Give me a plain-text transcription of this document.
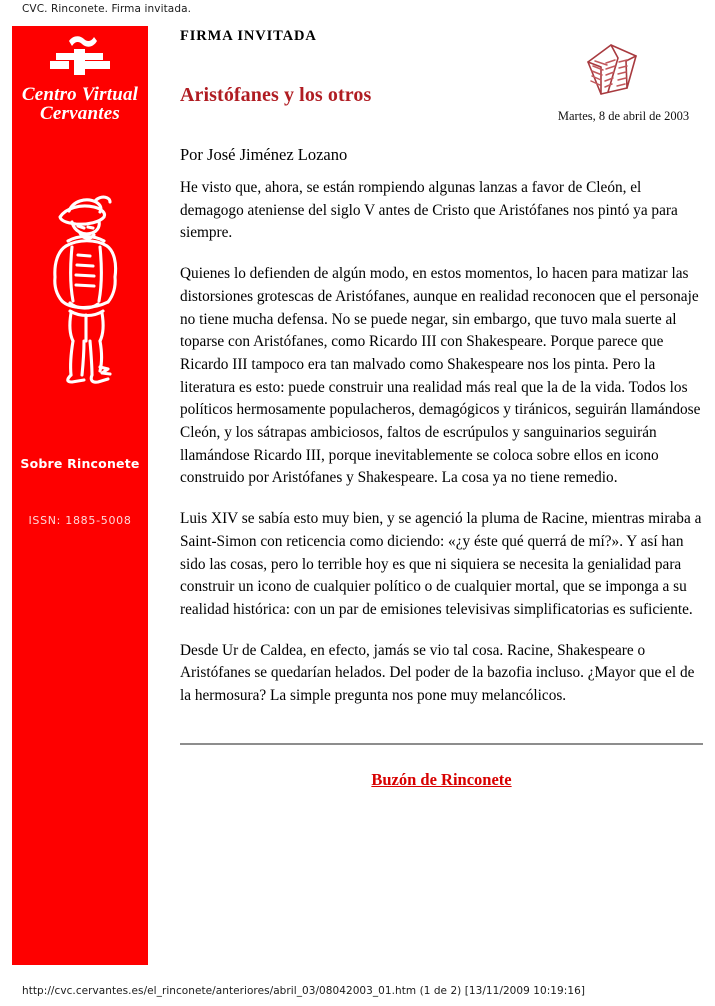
CVC. Rinconete. Firma invitada.
Centro Virtual
Cervantes
Sobre Rinconete
ISSN: 1885-5008
FIRMA INVITADA
Aristófanes y los otros
Martes, 8 de abril de 2003
Por José Jiménez Lozano

He visto que, ahora, se están rompiendo algunas lanzas a favor de Cleón, el demagogo ateniense del siglo V antes de Cristo que Aristófanes nos pintó ya para siempre.

Quienes lo defienden de algún modo, en estos momentos, lo hacen para matizar las distorsiones grotescas de Aristófanes, aunque en realidad reconocen que el personaje no tiene mucha defensa. No se puede negar, sin embargo, que tuvo mala suerte al toparse con Aristófanes, como Ricardo III con Shakespeare. Porque parece que Ricardo III tampoco era tan malvado como Shakespeare nos los pinta. Pero la literatura es esto: puede construir una realidad más real que la de la vida. Todos los políticos hermosamente populacheros, demagógicos y tiránicos, seguirán llamándose Cleón, y los sátrapas ambiciosos, faltos de escrúpulos y sanguinarios seguirán llamándose Ricardo III, porque inevitablemente se coloca sobre ellos en icono construido por Aristófanes y Shakespeare. La cosa ya no tiene remedio.

Luis XIV se sabía esto muy bien, y se agenció la pluma de Racine, mientras miraba a Saint-Simon con reticencia como diciendo: «¿y éste qué querrá de mí?». Y así han sido las cosas, pero lo terrible hoy es que ni siquiera se necesita la genialidad para construir un icono de cualquier político o de cualquier mortal, que se imponga a su realidad histórica: con un par de emisiones televisivas simplificatorias es suficiente.

Desde Ur de Caldea, en efecto, jamás se vio tal cosa. Racine, Shakespeare o Aristófanes se quedarían helados. Del poder de la bazofia incluso. ¿Mayor que el de la hermosura? La simple pregunta nos pone muy melancólicos.

Buzón de Rinconete
http://cvc.cervantes.es/el_rinconete/anteriores/abril_03/08042003_01.htm (1 de 2) [13/11/2009 10:19:16]
